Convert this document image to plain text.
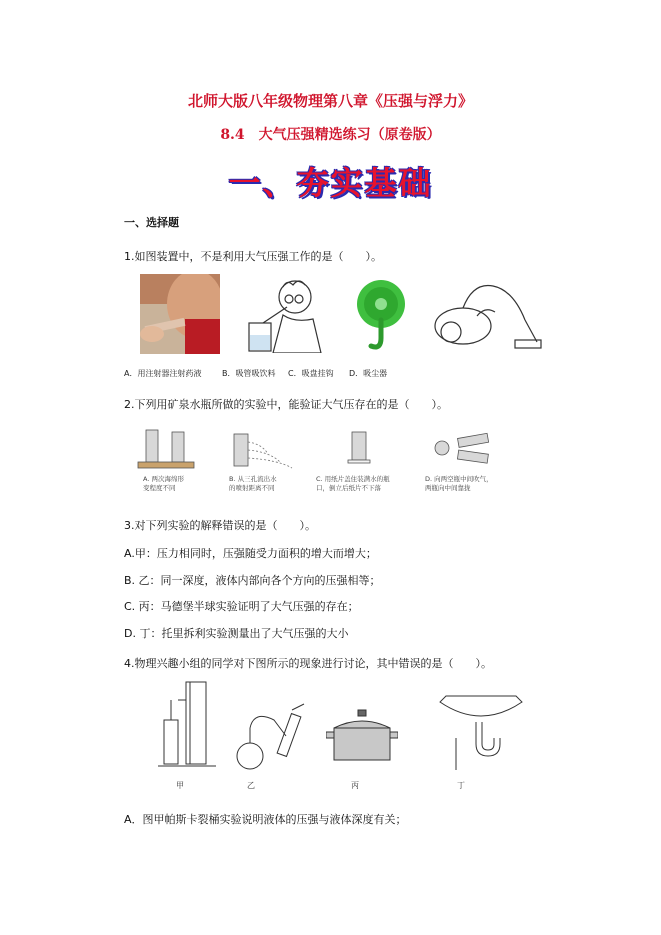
北师大版八年级物理第八章《压强与浮力》
8.4　大气压强精选练习（原卷版）
一、夯实基础
一、选择题
1.如图装置中，不是利用大气压强工作的是（　　）。
A．用注射器注射药液	B．吸管吸饮料 C．吸盘挂钩 D．吸尘器
2.下列用矿泉水瓶所做的实验中，能验证大气压存在的是（　　）。
A. 两次海绵形
变程度不同
B. 从三孔流出水
的喷射距离不同
C. 用纸片盖住装满水的瓶
口，倒立后纸片不下落
D. 向两空瓶中间吹气，
两瓶向中间靠拢
3.对下列实验的解释错误的是（　　）。
A.甲：压力相同时，压强随受力面积的增大而增大；
B. 乙：同一深度，液体内部向各个方向的压强相等；
C. 丙：马德堡半球实验证明了大气压强的存在；
D. 丁：托里拆利实验测量出了大气压强的大小
4.物理兴趣小组的同学对下图所示的现象进行讨论，其中错误的是（　　）。
甲	乙	丙	丁
A．图甲帕斯卡裂桶实验说明液体的压强与液体深度有关；
